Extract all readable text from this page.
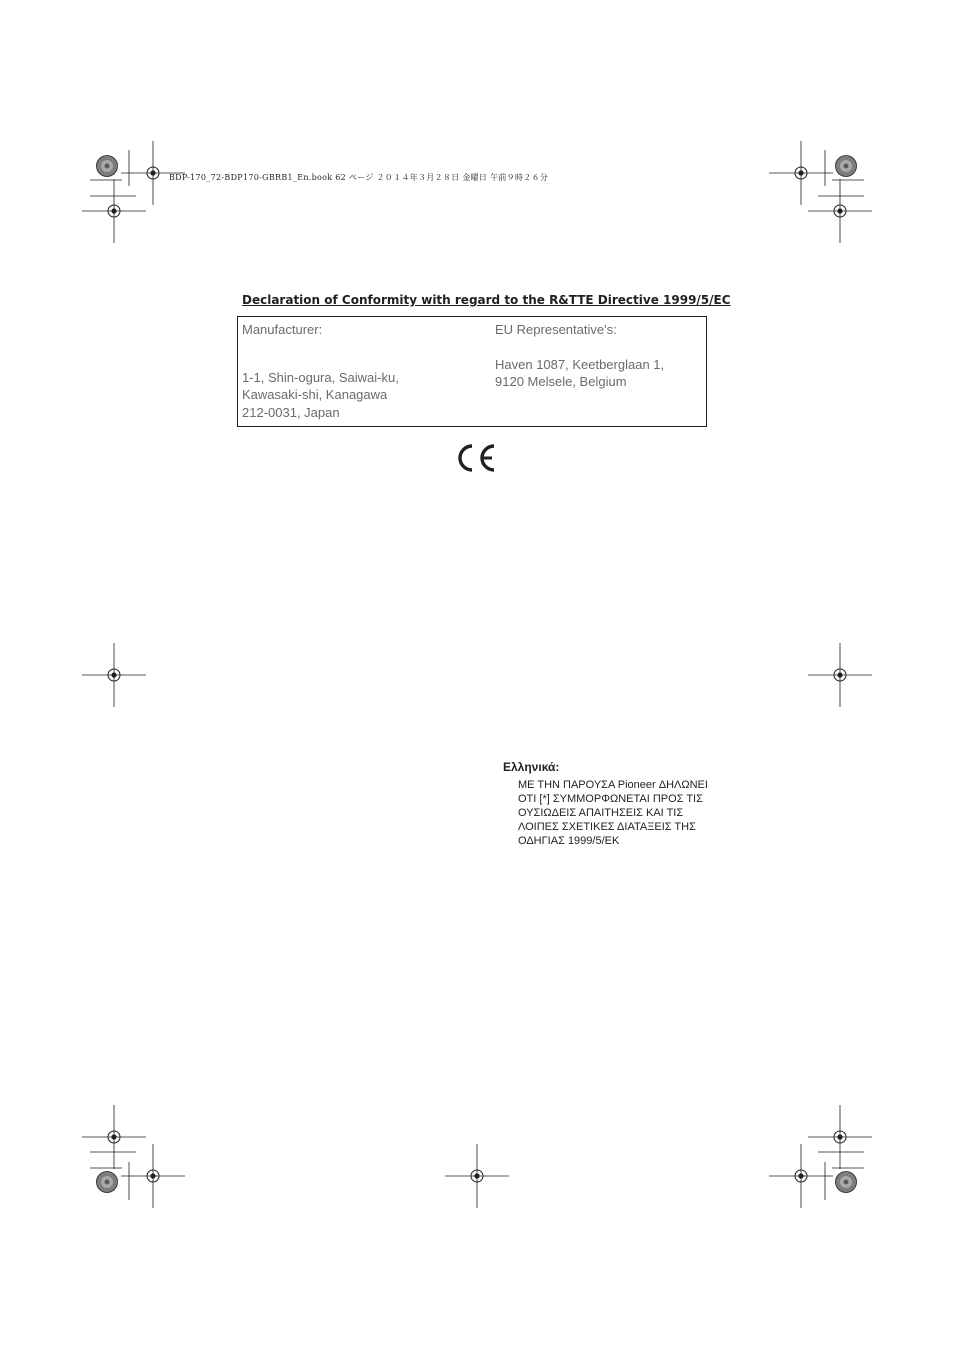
BDP-170_72-BDP170-GBRB1_En.book 62 ページ ２０１４年３月２８日 金曜日 午前９時２６分
Declaration of Conformity with regard to the R&TTE Directive 1999/5/EC
Manufacturer:
1-1, Shin-ogura, Saiwai-ku,
Kawasaki-shi, Kanagawa
212-0031, Japan
EU Representative's:
Haven 1087, Keetberglaan 1,
9120 Melsele, Belgium
Ελληνικά:
ΜΕ ΤΗΝ ΠΑΡΟΥΣΑ Pioneer ΔΗΛΩΝΕΙ
ΟΤΙ [*] ΣΥΜΜΟΡΦΩΝΕΤΑΙ ΠΡΟΣ ΤΙΣ
ΟΥΣΙΩΔΕΙΣ ΑΠΑΙΤΗΣΕΙΣ ΚΑΙ ΤΙΣ
ΛΟΙΠΕΣ ΣΧΕΤΙΚΕΣ ΔΙΑΤΑΞΕΙΣ ΤΗΣ
ΟΔΗΓΙΑΣ 1999/5/ΕΚ
